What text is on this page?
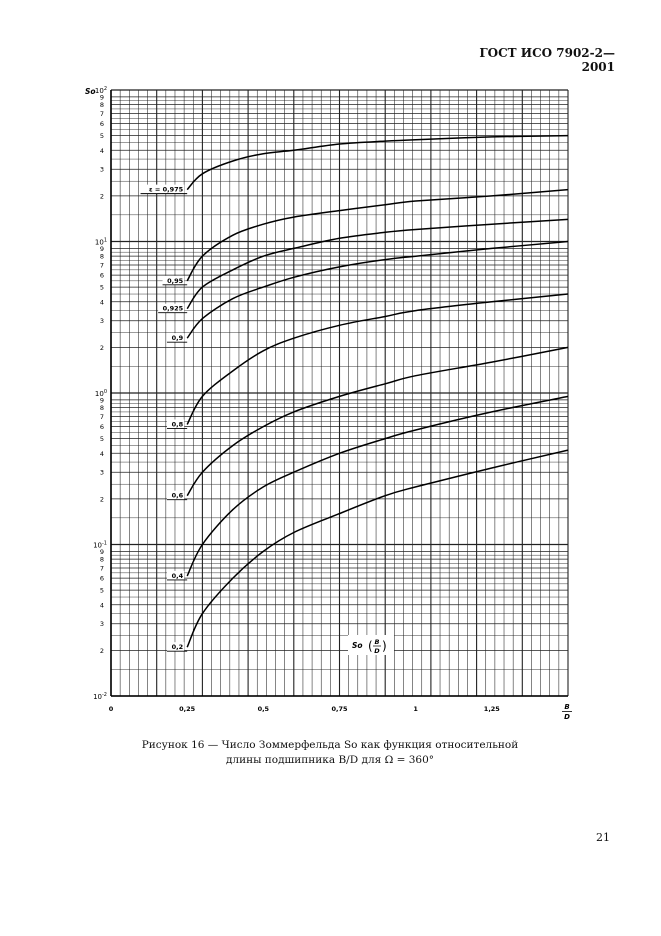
ГОСТ ИСО 7902-2—2001
$10^2$
$10^1$
$10^0$
$10^{-1}$
$10^{-2}$
2
3
4
5
6
7
8
9
2
3
4
5
6
7
8
9
2
3
4
5
6
7
8
9
2
3
4
5
6
7
8
9
So
0	0,25	0,5	0,75	1	1,25	B
D
ε = 0,975
0,95
0,925
0,9
0,8
0,6
0,4
0,2	So ( B
D )
Рисунок 16 — Число Зоммерфельда So как функция относительной
длины подшипника B/D для Ω = 360°
21
